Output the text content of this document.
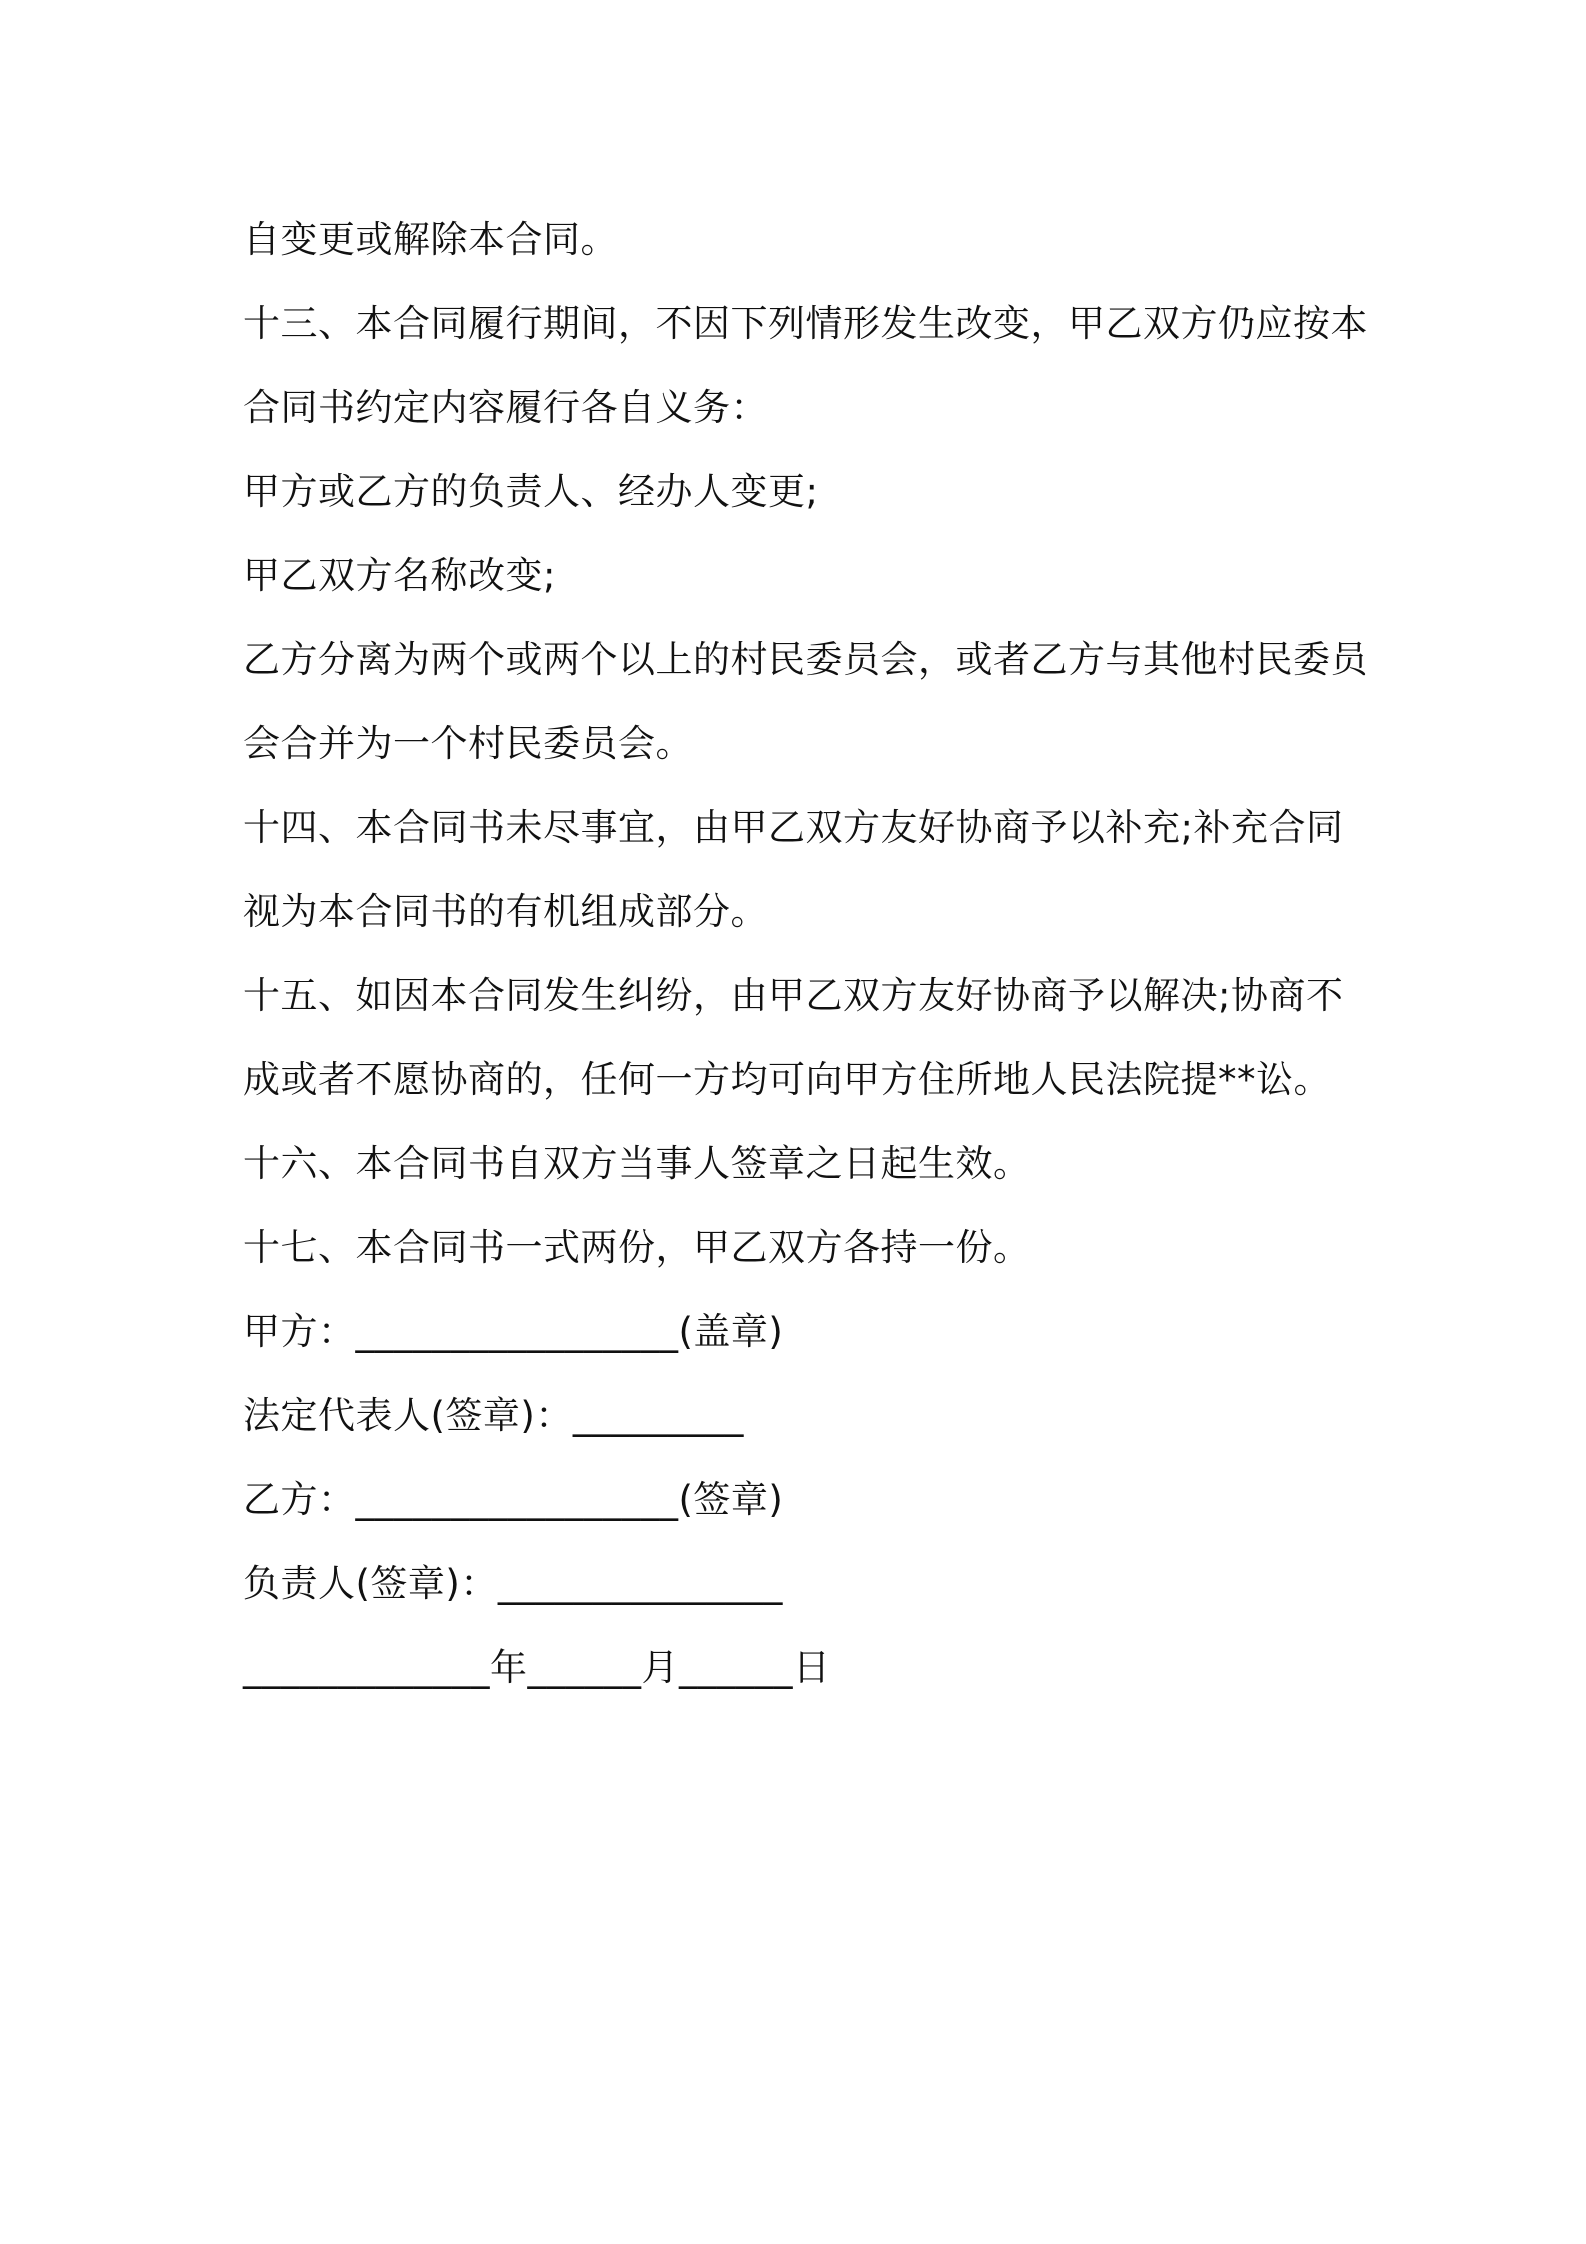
自变更或解除本合同。
十三、本合同履行期间，不因下列情形发生改变，甲乙双方仍应按本
合同书约定内容履行各自义务：
甲方或乙方的负责人、经办人变更;
甲乙双方名称改变;
乙方分离为两个或两个以上的村民委员会，或者乙方与其他村民委员
会合并为一个村民委员会。
十四、本合同书未尽事宜，由甲乙双方友好协商予以补充;补充合同
视为本合同书的有机组成部分。
十五、如因本合同发生纠纷，由甲乙双方友好协商予以解决;协商不
成或者不愿协商的，任何一方均可向甲方住所地人民法院提**讼。
十六、本合同书自双方当事人签章之日起生效。
十七、本合同书一式两份，甲乙双方各持一份。
甲方：_________________(盖章)
法定代表人(签章)：_________
乙方：_________________(签章)
负责人(签章)：_______________
_____________年______月______日
